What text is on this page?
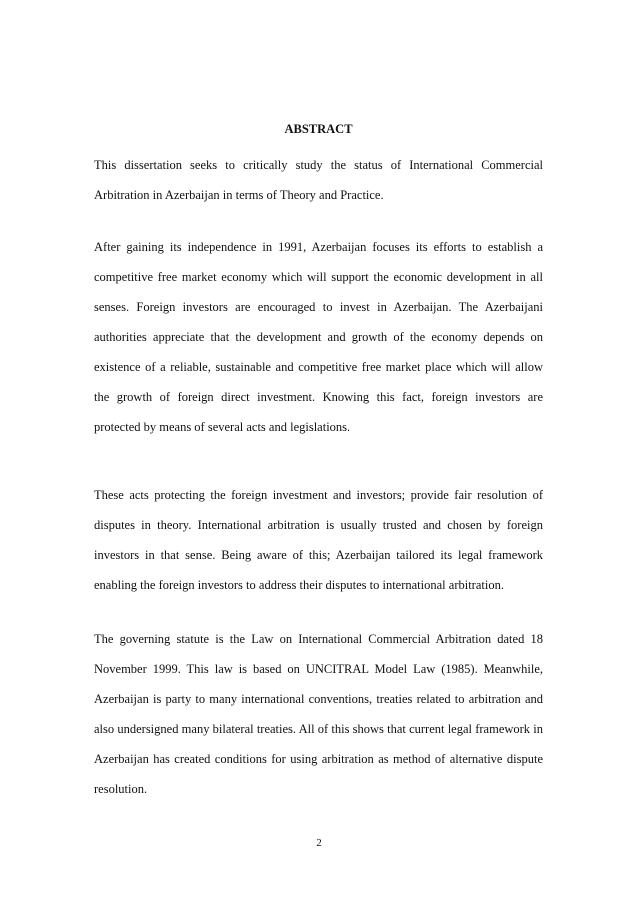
ABSTRACT

This dissertation seeks to critically study the status of International Commercial Arbitration in Azerbaijan in terms of Theory and Practice.

After gaining its independence in 1991, Azerbaijan focuses its efforts to establish a competitive free market economy which will support the economic development in all senses. Foreign investors are encouraged to invest in Azerbaijan. The Azerbaijani authorities appreciate that the development and growth of the economy depends on existence of a reliable, sustainable and competitive free market place which will allow the growth of foreign direct investment. Knowing this fact, foreign investors are protected by means of several acts and legislations.

These acts protecting the foreign investment and investors; provide fair resolution of disputes in theory. International arbitration is usually trusted and chosen by foreign investors in that sense. Being aware of this; Azerbaijan tailored its legal framework enabling the foreign investors to address their disputes to international arbitration.

The governing statute is the Law on International Commercial Arbitration dated 18 November 1999. This law is based on UNCITRAL Model Law (1985). Meanwhile, Azerbaijan is party to many international conventions, treaties related to arbitration and also undersigned many bilateral treaties. All of this shows that current legal framework in Azerbaijan has created conditions for using arbitration as method of alternative dispute resolution.

2
